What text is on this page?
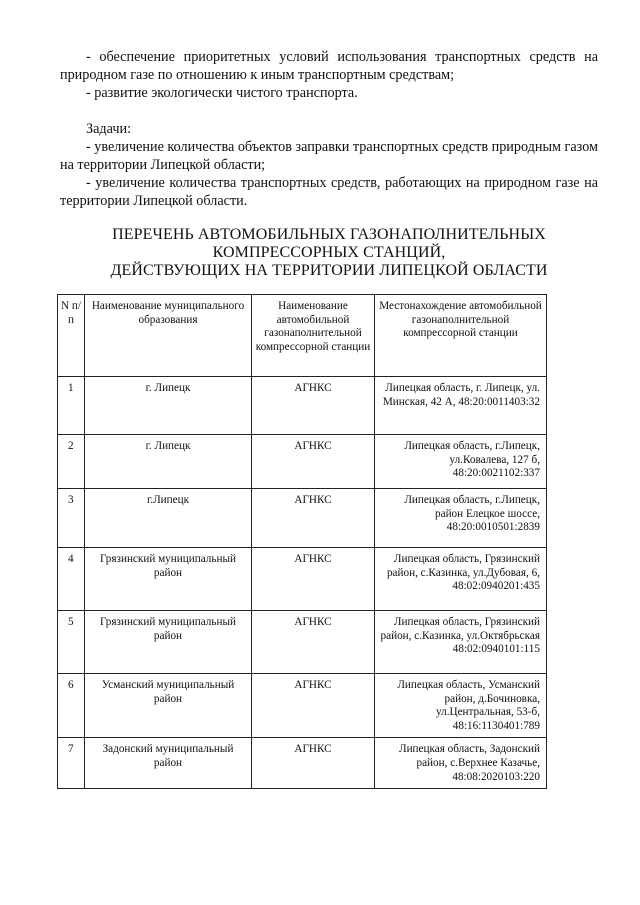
- обеспечение приоритетных условий использования транспортных средств на природном газе по отношению к иным транспортным средствам;
- развитие экологически чистого транспорта.
Задачи:
- увеличение количества объектов заправки транспортных средств природным газом на территории Липецкой области;
- увеличение количества транспортных средств, работающих на природном газе на территории Липецкой области.
ПЕРЕЧЕНЬ АВТОМОБИЛЬНЫХ ГАЗОНАПОЛНИТЕЛЬНЫХ
КОМПРЕССОРНЫХ СТАНЦИЙ,
ДЕЙСТВУЮЩИХ НА ТЕРРИТОРИИ ЛИПЕЦКОЙ ОБЛАСТИ
N п/п	Наименование муниципального образования	Наименование автомобильной газонаполнительной компрессорной станции	Местонахождение автомобильной газонаполнительной компрессорной станции
1	г. Липецк	АГНКС	Липецкая область, г. Липецк, ул. Минская, 42 А, 48:20:0011403:32
2	г. Липецк	АГНКС	Липецкая область, г.Липецк, ул.Ковалева, 127 б, 48:20:0021102:337
3	г.Липецк	АГНКС	Липецкая область, г.Липецк, район Елецкое шоссе, 48:20:0010501:2839
4	Грязинский муниципальный район	АГНКС	Липецкая область, Грязинский район, с.Казинка, ул.Дубовая, 6, 48:02:0940201:435
5	Грязинский муниципальный район	АГНКС	Липецкая область, Грязинский район, с.Казинка, ул.Октябрьская 48:02:0940101:115
6	Усманский муниципальный район	АГНКС	Липецкая область, Усманский район, д.Бочиновка, ул.Центральная, 53-б, 48:16:1130401:789
7	Задонский муниципальный район	АГНКС	Липецкая область, Задонский район, с.Верхнее Казачье, 48:08:2020103:220
